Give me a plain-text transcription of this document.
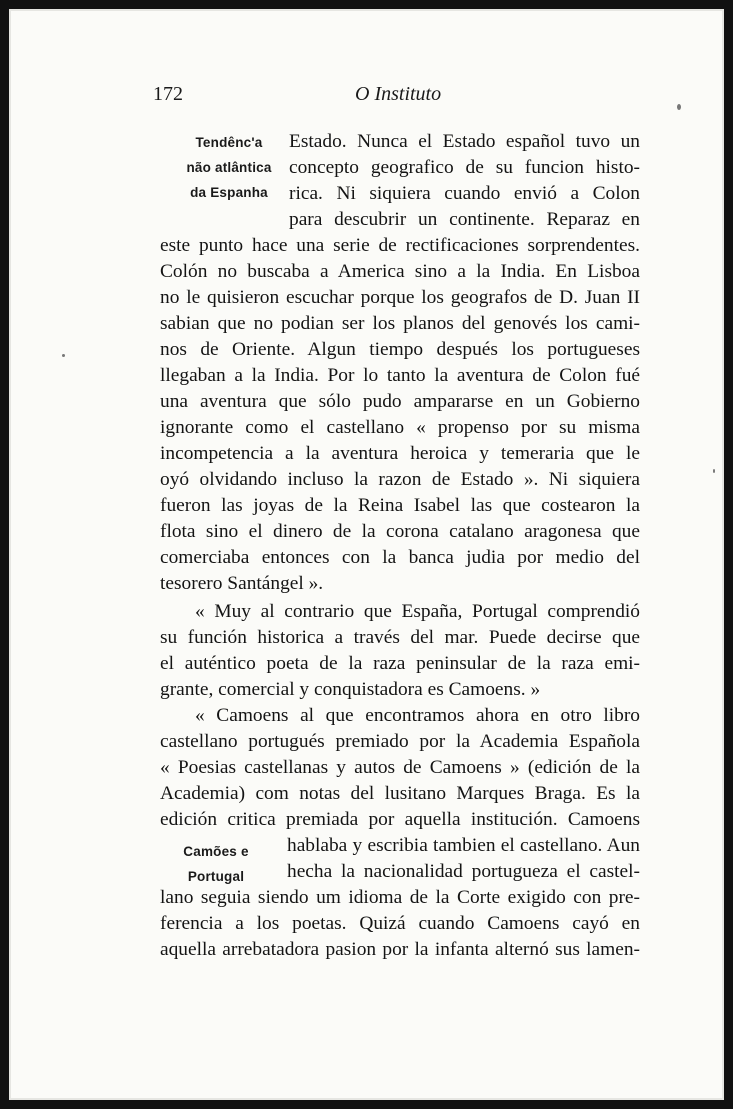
172	O Instituto
Tendênc'a
não atlântica
da Espanha
Camões e Portugal
Estado. Nunca el Estado español tuvo un
concepto geografico de su funcion histo-
rica. Ni siquiera cuando envió a Colon
para descubrir un continente. Reparaz en
este punto hace una serie de rectificaciones sorprendentes.
Colón no buscaba a America sino a la India. En Lisboa
no le quisieron escuchar porque los geografos de D. Juan II
sabian que no podian ser los planos del genovés los cami-
nos de Oriente. Algun tiempo después los portugueses
llegaban a la India. Por lo tanto la aventura de Colon fué
una aventura que sólo pudo ampararse en un Gobierno
ignorante como el castellano « propenso por su misma
incompetencia a la aventura heroica y temeraria que le
oyó olvidando incluso la razon de Estado ». Ni siquiera
fueron las joyas de la Reina Isabel las que costearon la
flota sino el dinero de la corona catalano aragonesa que
comerciaba entonces con la banca judia por medio del
tesorero Santángel ».
« Muy al contrario que España, Portugal comprendió
su función historica a través del mar. Puede decirse que
el auténtico poeta de la raza peninsular de la raza emi-
grante, comercial y conquistadora es Camoens. »
« Camoens al que encontramos ahora en otro libro
castellano portugués premiado por la Academia Española
« Poesias castellanas y autos de Camoens » (edición de la
Academia) com notas del lusitano Marques Braga. Es la
edición critica premiada por aquella institución. Camoens
hablaba y escribia tambien el castellano. Aun
hecha la nacionalidad portugueza el castel-
lano seguia siendo um idioma de la Corte exigido con pre-
ferencia a los poetas. Quizá cuando Camoens cayó en
aquella arrebatadora pasion por la infanta alternó sus lamen-
